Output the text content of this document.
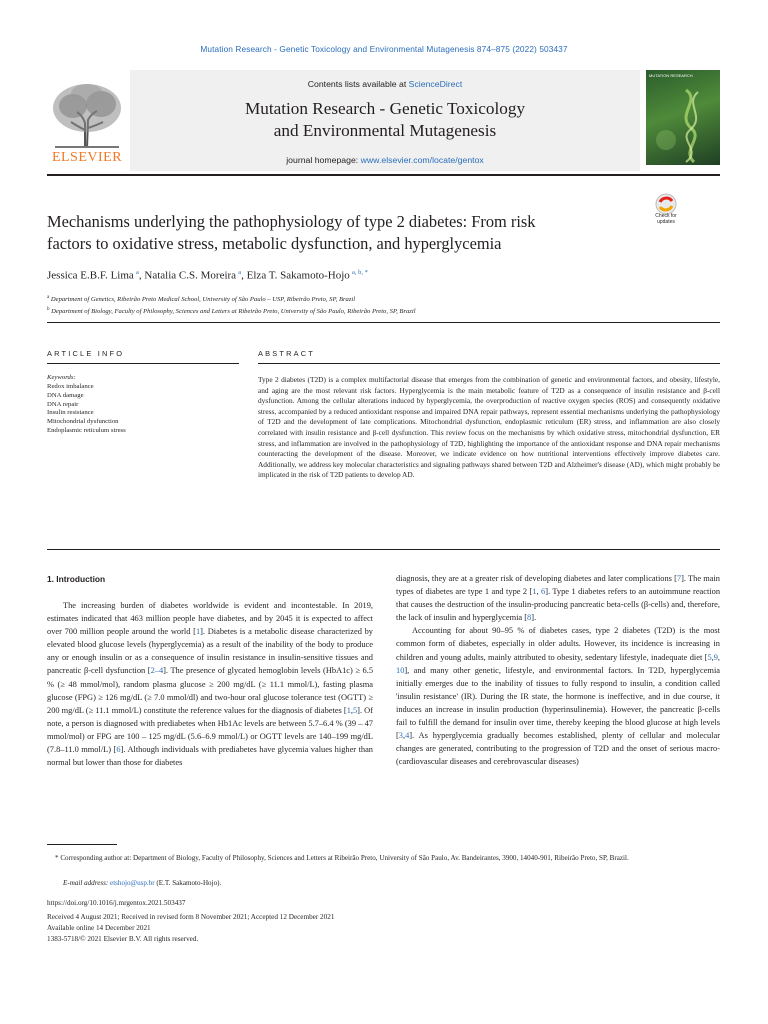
Mutation Research - Genetic Toxicology and Environmental Mutagenesis 874–875 (2022) 503437
ELSEVIER
Contents lists available at ScienceDirect
Mutation Research - Genetic Toxicology
and Environmental Mutagenesis
journal homepage: www.elsevier.com/locate/gentox
MUTATION RESEARCH
Mechanisms underlying the pathophysiology of type 2 diabetes: From risk
factors to oxidative stress, metabolic dysfunction, and hyperglycemia
Check for
updates
Jessica E.B.F. Lima  $^a$, Natalia C.S. Moreira  $^a$, Elza T. Sakamoto-Hojo  $^{a, b, *}$
$^a$ Department of Genetics, Ribeirão Preto Medical School, University of São Paulo – USP, Ribeirão Preto, SP, Brazil
$^b$ Department of Biology, Faculty of Philosophy, Sciences and Letters at Ribeirão Preto, University of São Paulo, Ribeirão Preto, SP, Brazil
ARTICLE INFO
Keywords:
Redox imbalance
DNA damage
DNA repair
Insulin resistance
Mitochondrial dysfunction
Endoplasmic reticulum stress
ABSTRACT
Type 2 diabetes (T2D) is a complex multifactorial disease that emerges from the combination of genetic and environmental factors, and obesity, lifestyle, and aging are the most relevant risk factors. Hyperglycemia is the main metabolic feature of T2D as a consequence of insulin resistance and β-cell dysfunction. Among the cellular alterations induced by hyperglycemia, the overproduction of reactive oxygen species (ROS) and consequently oxidative stress, accompanied by a reduced antioxidant response and impaired DNA repair pathways, represent essential mechanisms underlying the pathophysiology of T2D and the development of late complications. Mitochondrial dysfunction, endoplasmic reticulum (ER) stress, and inflammation are also closely correlated with insulin resistance and β-cell dysfunction. This review focus on the mechanisms by which oxidative stress, mitochondrial dysfunction, ER stress, and inflammation are involved in the pathophysiology of T2D, highlighting the importance of the antioxidant response and DNA repair mechanisms counteracting the development of the disease. Moreover, we indicate evidence on how nutritional interventions effectively improve diabetes care. Additionally, we address key molecular characteristics and signaling pathways shared between T2D and Alzheimer's disease (AD), which might probably be implicated in the risk of T2D patients to develop AD.
1. Introduction

The increasing burden of diabetes worldwide is evident and incontestable. In 2019, estimates indicated that 463 million people have diabetes, and by 2045 it is expected to affect over 700 million people around the world [1]. Diabetes is a metabolic disease characterized by elevated blood glucose levels (hyperglycemia) as a result of the inability of the body to produce any or enough insulin or as a consequence of insulin resistance in insulin-sensitive tissues and pancreatic β-cell dysfunction [2–4]. The presence of glycated hemoglobin levels (HbA1c) ≥ 6.5 % (≥ 48 mmol/mol), random plasma glucose ≥ 200 mg/dL (≥ 11.1 mmol/L), fasting plasma glucose (FPG) ≥ 126 mg/dL (≥ 7.0 mmol/dl) and two-hour oral glucose tolerance test (OGTT) ≥ 200 mg/dL (≥ 11.1 mmol/L) constitute the reference values for the diagnosis of diabetes [1,5]. Of note, a person is diagnosed with prediabetes when Hb1Ac levels are between 5.7–6.4 % (39 – 47 mmol/mol) or FPG are 100 – 125 mg/dL (5.6–6.9 mmol/L) or OGTT levels are 140–199 mg/dL (7.8–11.0 mmol/L) [6]. Although individuals with prediabetes have glycemia values higher than normal but lower than those for diabetes

diagnosis, they are at a greater risk of developing diabetes and later complications [7]. The main types of diabetes are type 1 and type 2 [1, 6]. Type 1 diabetes refers to an autoimmune reaction that causes the destruction of the insulin-producing pancreatic beta-cells (β-cells) and, therefore, the lack of insulin and hyperglycemia [8].

Accounting for about 90–95 % of diabetes cases, type 2 diabetes (T2D) is the most common form of diabetes, especially in older adults. However, its incidence is increasing in children and young adults, mainly attributed to obesity, sedentary lifestyle, inadequate diet [5,9, 10], and many other genetic, lifestyle, and environmental factors. In T2D, hyperglycemia initially emerges due to the inability of tissues to fully respond to insulin, a condition called 'insulin resistance' (IR). During the IR state, the hormone is ineffective, and in due course, it induces an increase in insulin production (hyperinsulinemia). However, the pancreatic β-cells fail to fulfill the demand for insulin over time, thereby keeping the blood glucose at high levels [3,4]. As hyperglycemia gradually becomes established, plenty of cellular and molecular changes are generated, contributing to the progression of T2D and the onset of serious macro- (cardiovascular diseases and cerebrovascular diseases)

* Corresponding author at: Department of Biology, Faculty of Philosophy, Sciences and Letters at Ribeirão Preto, University of São Paulo, Av. Bandeirantes, 3900, 14040-901, Ribeirão Preto, SP, Brazil.
E-mail address: etshojo@usp.br (E.T. Sakamoto-Hojo).
https://doi.org/10.1016/j.mrgentox.2021.503437
Received 4 August 2021; Received in revised form 8 November 2021; Accepted 12 December 2021
Available online 14 December 2021
1383-5718/© 2021 Elsevier B.V. All rights reserved.
